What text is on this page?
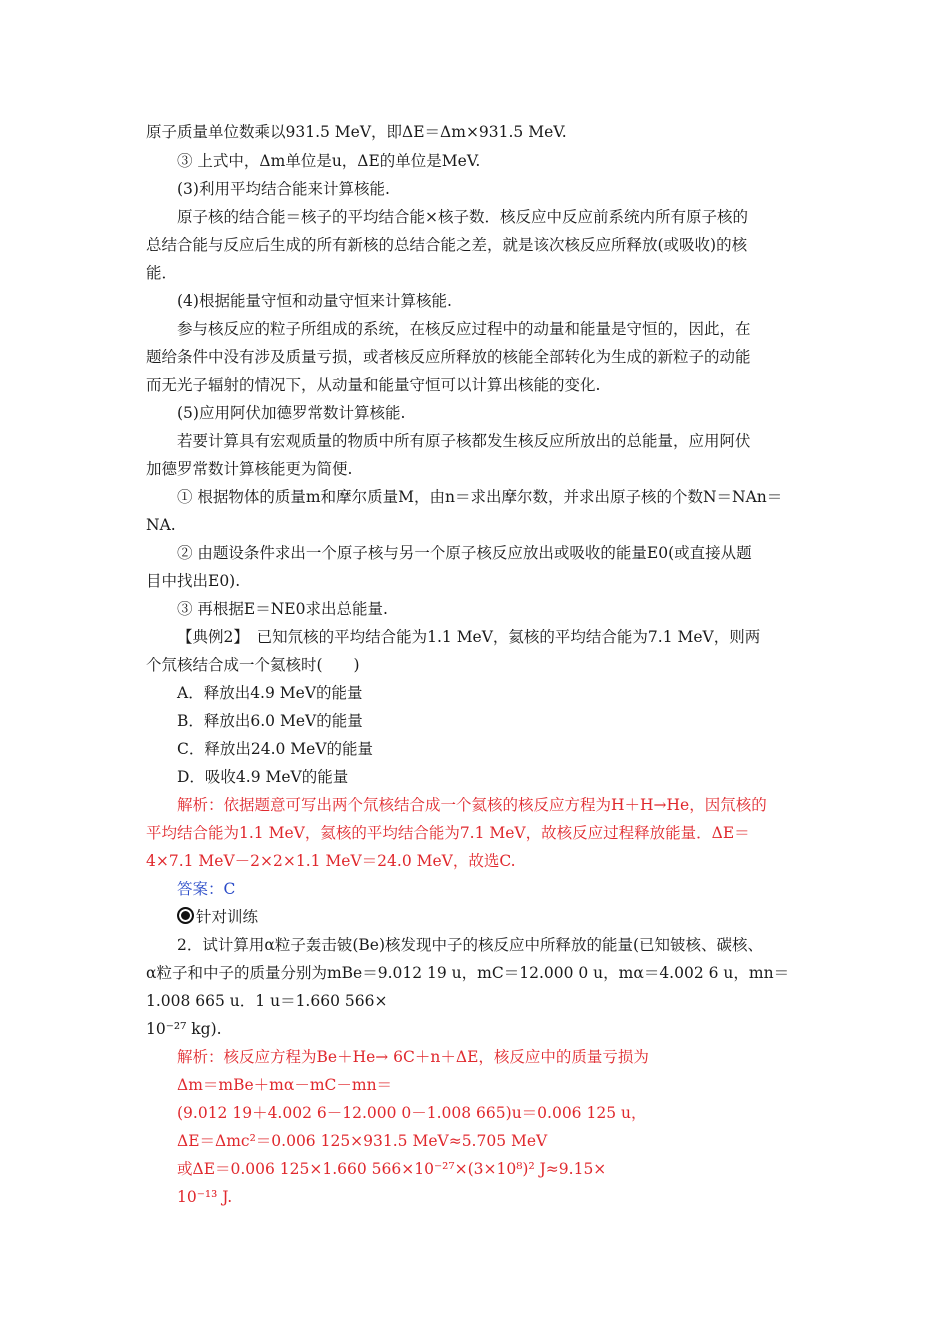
原子质量单位数乘以931.5 MeV，即ΔE＝Δm×931.5 MeV.
③ 上式中，Δm单位是u，ΔE的单位是MeV.
(3)利用平均结合能来计算核能.
原子核的结合能＝核子的平均结合能×核子数．核反应中反应前系统内所有原子核的
总结合能与反应后生成的所有新核的总结合能之差，就是该次核反应所释放(或吸收)的核
能．
(4)根据能量守恒和动量守恒来计算核能.
参与核反应的粒子所组成的系统，在核反应过程中的动量和能量是守恒的，因此，在
题给条件中没有涉及质量亏损，或者核反应所释放的核能全部转化为生成的新粒子的动能
而无光子辐射的情况下，从动量和能量守恒可以计算出核能的变化.
(5)应用阿伏加德罗常数计算核能.
若要计算具有宏观质量的物质中所有原子核都发生核反应所放出的总能量，应用阿伏
加德罗常数计算核能更为简便.
① 根据物体的质量m和摩尔质量M，由n＝求出摩尔数，并求出原子核的个数N＝NAn＝
NA.
② 由题设条件求出一个原子核与另一个原子核反应放出或吸收的能量E0(或直接从题
目中找出E0).
③ 再根据E＝NE0求出总能量.
【典例2】　已知氘核的平均结合能为1.1 MeV，氦核的平均结合能为7.1 MeV，则两
个氘核结合成一个氦核时(　　)
A．释放出4.9 MeV的能量
B．释放出6.0 MeV的能量
C．释放出24.0 MeV的能量
D．吸收4.9 MeV的能量
解析：依据题意可写出两个氘核结合成一个氦核的核反应方程为H＋H→He，因氘核的
平均结合能为1.1 MeV，氦核的平均结合能为7.1 MeV，故核反应过程释放能量．ΔE＝
4×7.1 MeV－2×2×1.1 MeV＝24.0 MeV，故选C.
答案：C
针对训练
2．试计算用α粒子轰击铍(Be)核发现中子的核反应中所释放的能量(已知铍核、碳核、
α粒子和中子的质量分别为mBe＝9.012 19 u，mC＝12.000 0 u，mα＝4.002 6 u，mn＝
1.008 665 u．1 u＝1.660 566×
10⁻²⁷ kg).
解析：核反应方程为Be＋He→ 6C＋n＋ΔE，核反应中的质量亏损为
Δm＝mBe＋mα－mC－mn＝
(9.012 19＋4.002 6－12.000 0－1.008 665)u＝0.006 125 u，
ΔE＝Δmc²＝0.006 125×931.5 MeV≈5.705 MeV
或ΔE＝0.006 125×1.660 566×10⁻²⁷×(3×10⁸)² J≈9.15×
10⁻¹³ J.
